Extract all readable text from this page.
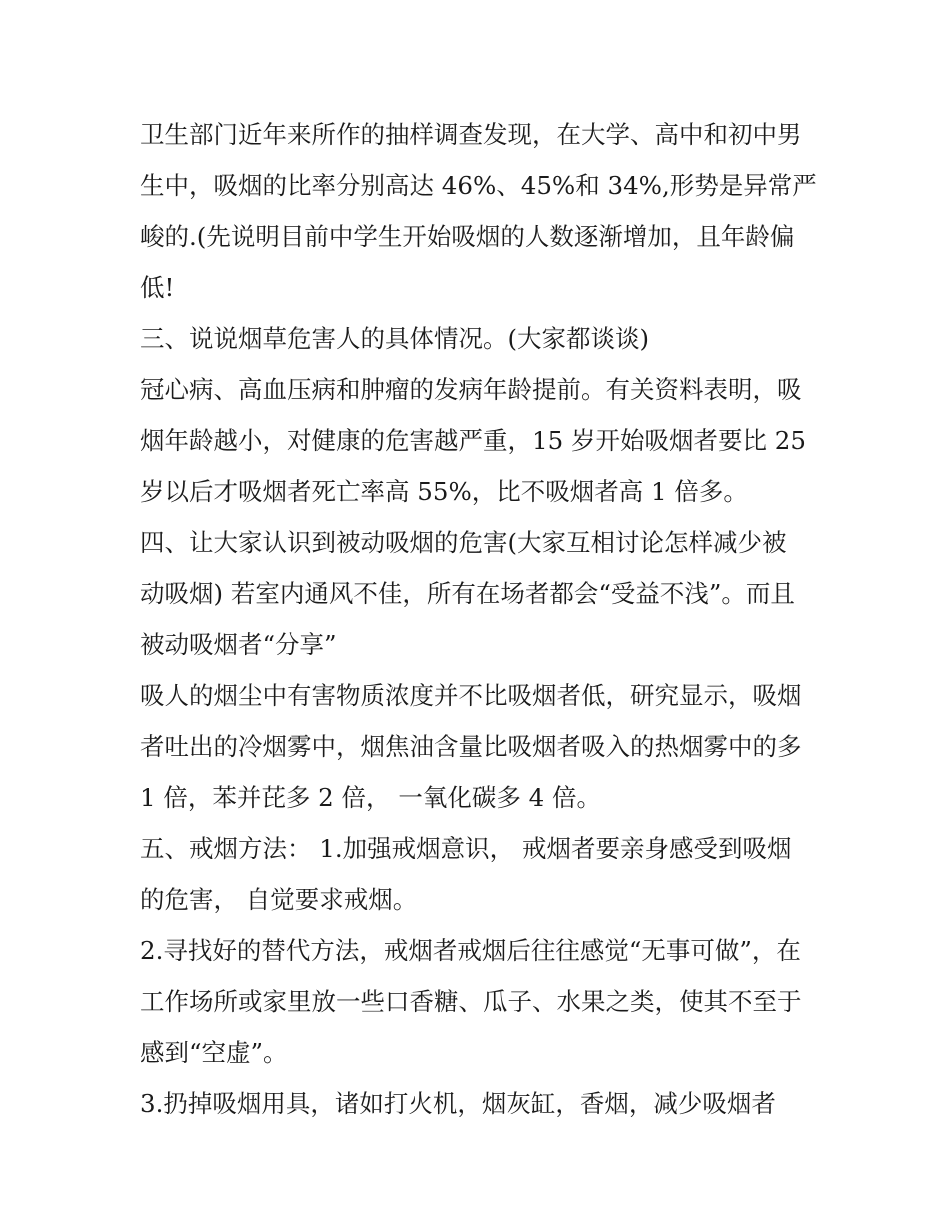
卫生部门近年来所作的抽样调查发现，在大学、高中和初中男
生中，吸烟的比率分别高达 46%、45%和 34%,形势是异常严
峻的.(先说明目前中学生开始吸烟的人数逐渐增加，且年龄偏
低!
三、说说烟草危害人的具体情况。(大家都谈谈)
冠心病、高血压病和肿瘤的发病年龄提前。有关资料表明，吸
烟年龄越小，对健康的危害越严重，15 岁开始吸烟者要比 25
岁以后才吸烟者死亡率高 55%，比不吸烟者高 1 倍多。
四、让大家认识到被动吸烟的危害(大家互相讨论怎样减少被
动吸烟) 若室内通风不佳，所有在场者都会“受益不浅”。而且
被动吸烟者“分享”
吸人的烟尘中有害物质浓度并不比吸烟者低，研究显示，吸烟
者吐出的冷烟雾中，烟焦油含量比吸烟者吸入的热烟雾中的多
1 倍，苯并芘多 2 倍， 一氧化碳多 4 倍。
五、戒烟方法： 1.加强戒烟意识， 戒烟者要亲身感受到吸烟
的危害， 自觉要求戒烟。
2.寻找好的替代方法，戒烟者戒烟后往往感觉“无事可做”，在
工作场所或家里放一些口香糖、瓜子、水果之类，使其不至于
感到“空虚”。
3.扔掉吸烟用具，诸如打火机，烟灰缸，香烟，减少吸烟者
